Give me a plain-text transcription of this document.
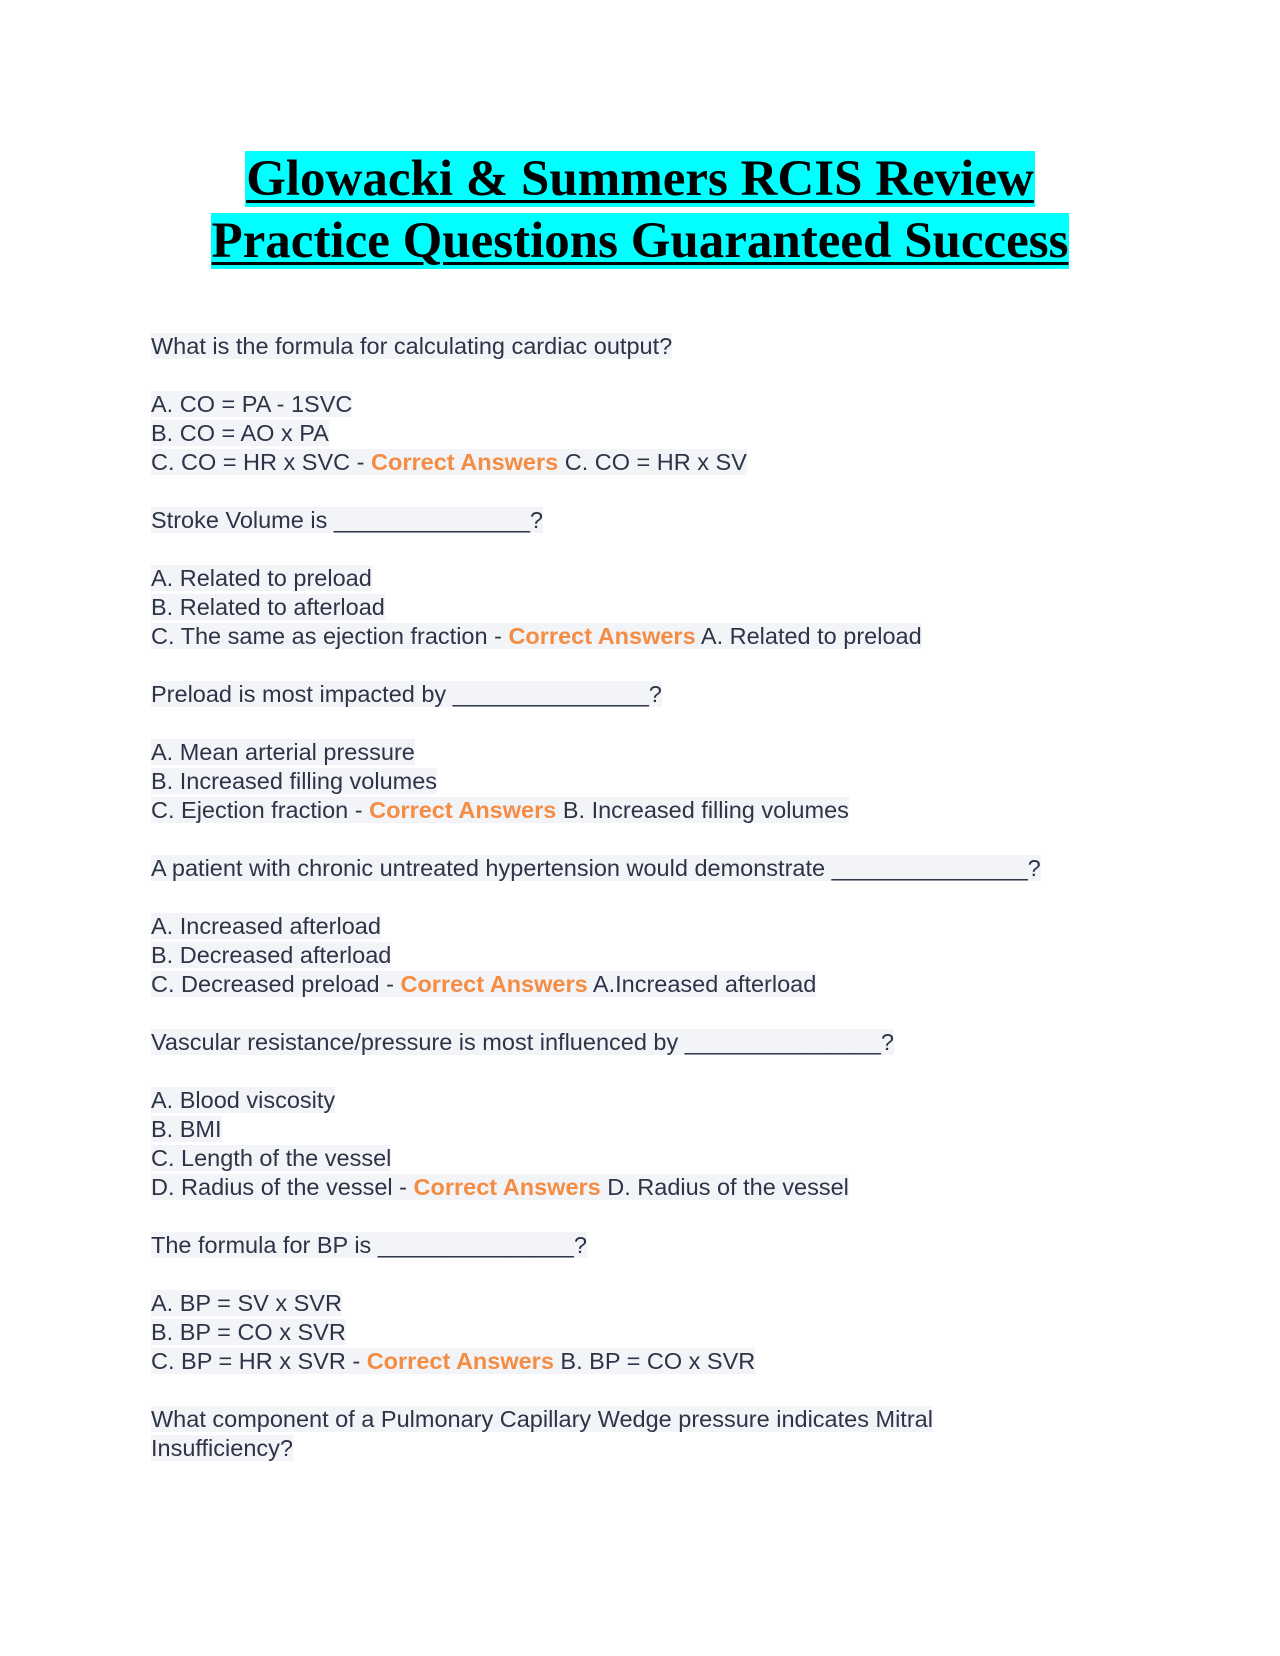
Glowacki & Summers RCIS Review
Practice Questions Guaranteed Success
What is the formula for calculating cardiac output?
A. CO = PA - 1SVC
B. CO = AO x PA
C. CO = HR x SVC - Correct Answers C. CO = HR x SV
Stroke Volume is _______________?
A. Related to preload
B. Related to afterload
C. The same as ejection fraction - Correct Answers A. Related to preload
Preload is most impacted by _______________?
A. Mean arterial pressure
B. Increased filling volumes
C. Ejection fraction - Correct Answers B. Increased filling volumes
A patient with chronic untreated hypertension would demonstrate _______________?
A. Increased afterload
B. Decreased afterload
C. Decreased preload - Correct Answers A.Increased afterload
Vascular resistance/pressure is most influenced by _______________?
A. Blood viscosity
B. BMI
C. Length of the vessel
D. Radius of the vessel - Correct Answers D. Radius of the vessel
The formula for BP is _______________?
A. BP = SV x SVR
B. BP = CO x SVR
C. BP = HR x SVR - Correct Answers B. BP = CO x SVR
What component of a Pulmonary Capillary Wedge pressure indicates Mitral
Insufficiency?
